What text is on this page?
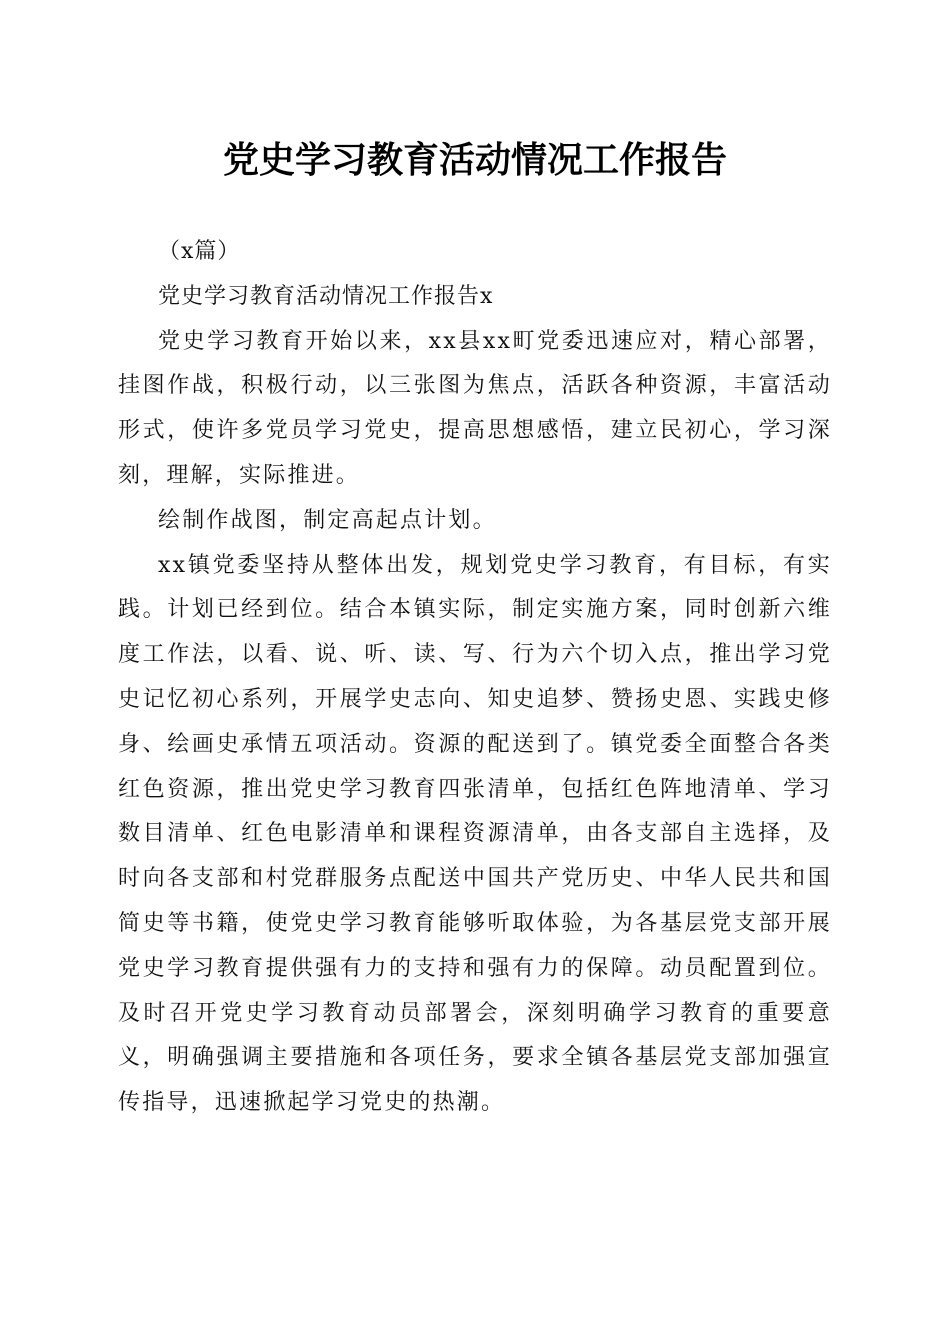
党史学习教育活动情况工作报告

（x篇）

党史学习教育活动情况工作报告x

党史学习教育开始以来，xx县xx町党委迅速应对，精心部署，挂图作战，积极行动，以三张图为焦点，活跃各种资源，丰富活动形式，使许多党员学习党史，提高思想感悟，建立民初心，学习深刻，理解，实际推进。

绘制作战图，制定高起点计划。

xx镇党委坚持从整体出发，规划党史学习教育，有目标，有实践。计划已经到位。结合本镇实际，制定实施方案，同时创新六维度工作法，以看、说、听、读、写、行为六个切入点，推出学习党史记忆初心系列，开展学史志向、知史追梦、赞扬史恩、实践史修身、绘画史承情五项活动。资源的配送到了。镇党委全面整合各类红色资源，推出党史学习教育四张清单，包括红色阵地清单、学习数目清单、红色电影清单和课程资源清单，由各支部自主选择，及时向各支部和村党群服务点配送中国共产党历史、中华人民共和国简史等书籍，使党史学习教育能够听取体验，为各基层党支部开展党史学习教育提供强有力的支持和强有力的保障。动员配置到位。及时召开党史学习教育动员部署会，深刻明确学习教育的重要意义，明确强调主要措施和各项任务，要求全镇各基层党支部加强宣传指导，迅速掀起学习党史的热潮。
